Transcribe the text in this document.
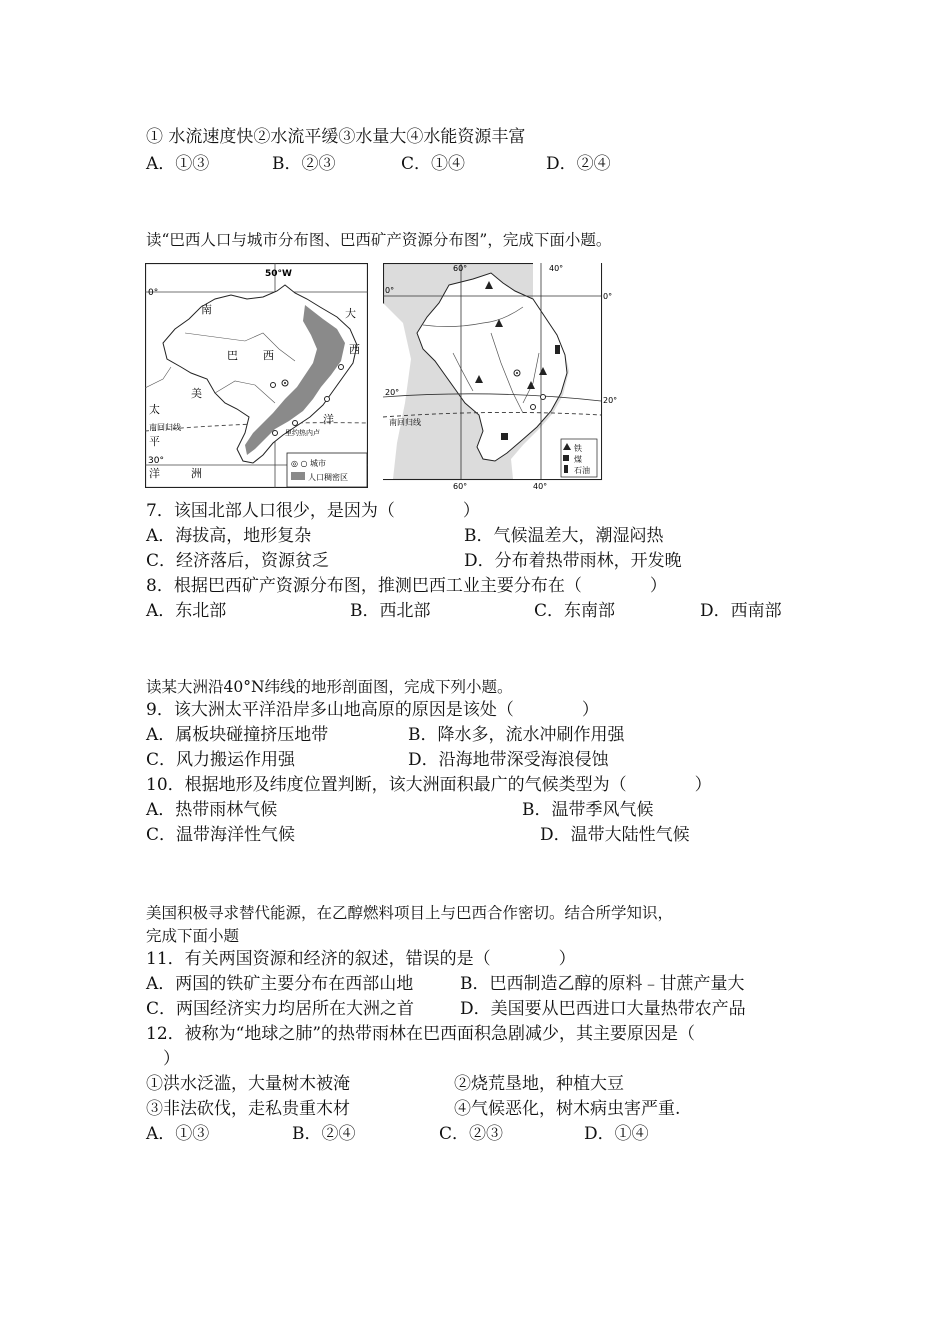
① 水流速度快②水流平缓③水量大④水能资源丰富
A．①③	B．②③	C．①④	D．②④
读“巴西人口与城市分布图、巴西矿产资源分布图”，完成下面小题。
50°W
0°
30°
南
巴 西
美
洲
大
西
洋
太
平
洋
南回归线
里约热内卢
◎ ○ 城市
人口稠密区
60°	40°
60°	40°
0°
0°
20°
20°
南回归线
铁
煤
石油
7．该国北部人口很少，是因为（　　　　）
A．海拔高，地形复杂	B．气候温差大，潮湿闷热
C．经济落后，资源贫乏	D．分布着热带雨林，开发晚
8．根据巴西矿产资源分布图，推测巴西工业主要分布在（　　　　）
A．东北部	B．西北部	C．东南部	D．西南部
读某大洲沿40°N纬线的地形剖面图，完成下列小题。
9．该大洲太平洋沿岸多山地高原的原因是该处（　　　　）
A．属板块碰撞挤压地带	B．降水多，流水冲刷作用强
C．风力搬运作用强	D．沿海地带深受海浪侵蚀
10．根据地形及纬度位置判断，该大洲面积最广的气候类型为（　　　　）
A．热带雨林气候	B．温带季风气候
C．温带海洋性气候	D．温带大陆性气候
美国积极寻求替代能源，在乙醇燃料项目上与巴西合作密切。结合所学知识，
完成下面小题
11．有关两国资源和经济的叙述，错误的是（　　　　）
A．两国的铁矿主要分布在西部山地	B．巴西制造乙醇的原料﹣甘蔗产量大
C．两国经济实力均居所在大洲之首	D．美国要从巴西进口大量热带农产品
12．被称为“地球之肺”的热带雨林在巴西面积急剧减少，其主要原因是（
　）
①洪水泛滥，大量树木被淹	②烧荒垦地，种植大豆
③非法砍伐，走私贵重木材	④气候恶化，树木病虫害严重.
A．①③	B．②④	C．②③	D．①④
